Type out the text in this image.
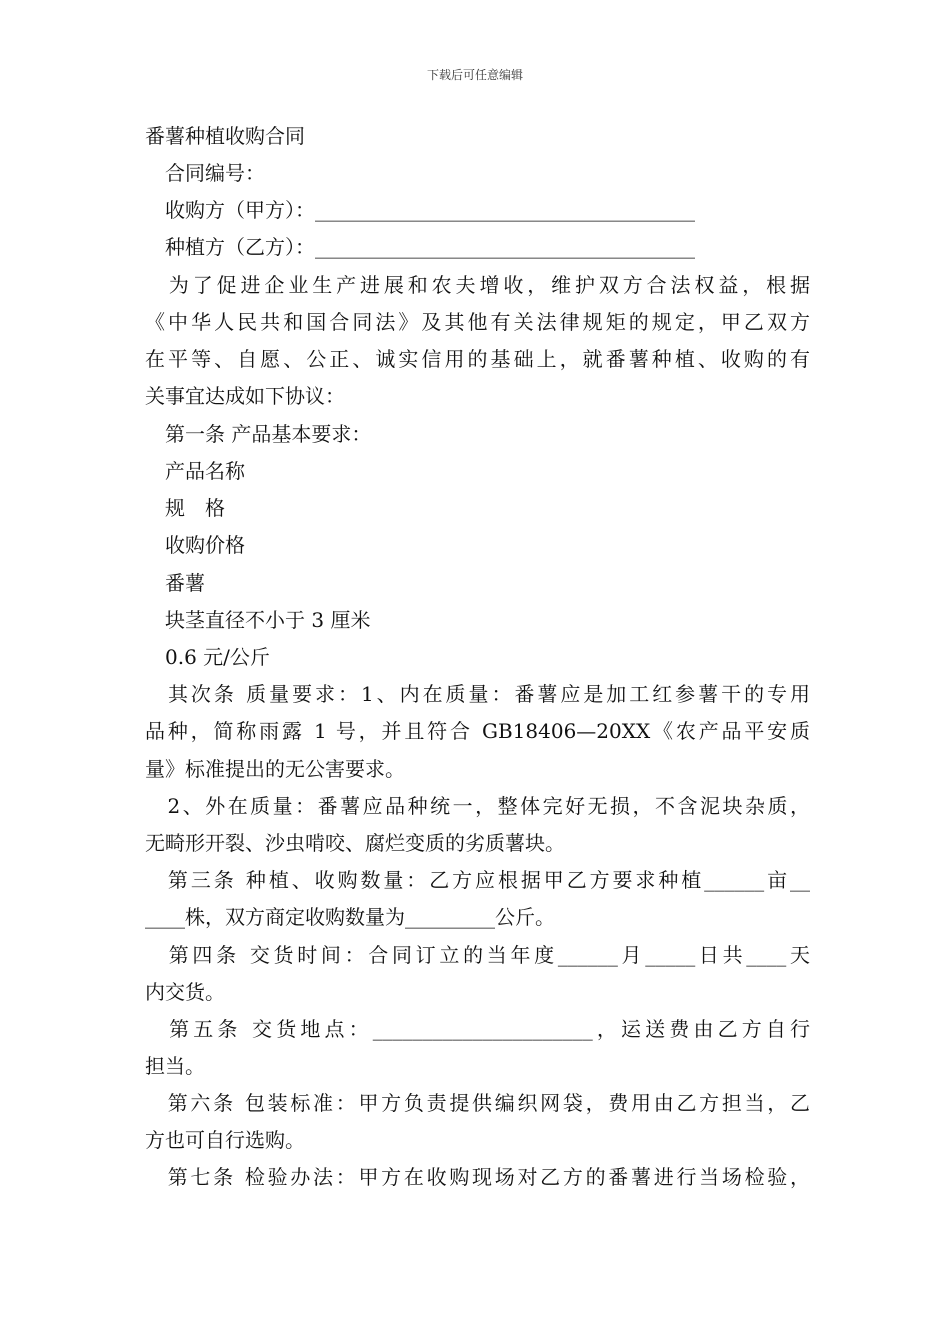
下载后可任意编辑
番薯种植收购合同
　合同编号：
　收购方（甲方）：______________________________________
　种植方（乙方）：______________________________________
　为了促进企业生产进展和农夫增收，维护双方合法权益，根据
《中华人民共和国合同法》及其他有关法律规矩的规定，甲乙双方
在平等、自愿、公正、诚实信用的基础上，就番薯种植、收购的有
关事宜达成如下协议：
　第一条 产品基本要求：
　产品名称
　规　格
　收购价格
　番薯
　块茎直径不小于 3 厘米
　0.6 元/公斤
　其次条 质量要求：1、内在质量：番薯应是加工红参薯干的专用
品种，简称雨露 1 号，并且符合 GB18406—20XX《农产品平安质
量》标准提出的无公害要求。
　2、外在质量：番薯应品种统一，整体完好无损，不含泥块杂质，
无畸形开裂、沙虫啃咬、腐烂变质的劣质薯块。
　第三条 种植、收购数量：乙方应根据甲乙方要求种植______亩__
____株，双方商定收购数量为_________公斤。
　第四条 交货时间：合同订立的当年度______月_____日共____天
内交货。
　第五条 交货地点：______________________，运送费由乙方自行
担当。
　第六条 包装标准：甲方负责提供编织网袋，费用由乙方担当，乙
方也可自行选购。
　第七条 检验办法：甲方在收购现场对乙方的番薯进行当场检验，
